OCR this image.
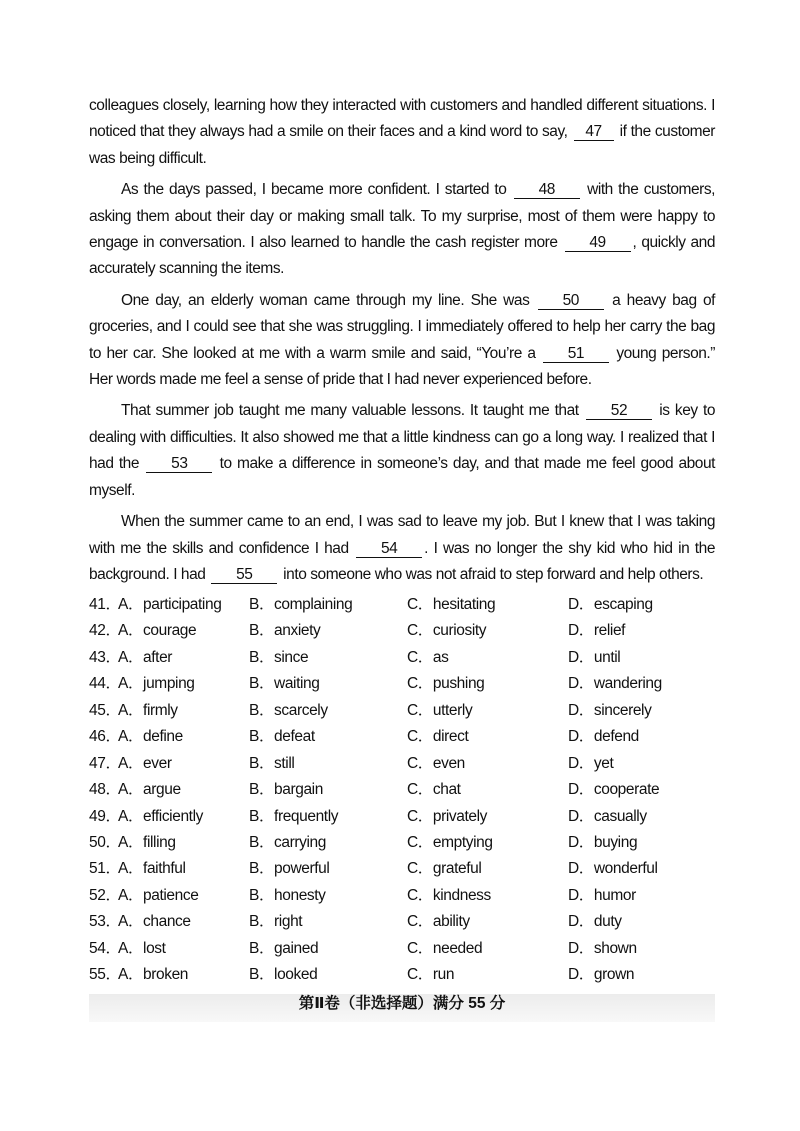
colleagues closely, learning how they interacted with customers and handled different situations. I noticed that they always had a smile on their faces and a kind word to say, 47 if the customer was being difficult.

As the days passed, I became more confident. I started to 48 with the customers, asking them about their day or making small talk. To my surprise, most of them were happy to engage in conversation. I also learned to handle the cash register more 49 , quickly and accurately scanning the items.

One day, an elderly woman came through my line. She was 50 a heavy bag of groceries, and I could see that she was struggling. I immediately offered to help her carry the bag to her car. She looked at me with a warm smile and said, “You’re a 51 young person.” Her words made me feel a sense of pride that I had never experienced before.

That summer job taught me many valuable lessons. It taught me that 52 is key to dealing with difficulties. It also showed me that a little kindness can go a long way. I realized that I had the 53 to make a difference in someone’s day, and that made me feel good about myself.

When the summer came to an end, I was sad to leave my job. But I knew that I was taking with me the skills and confidence I had 54 . I was no longer the shy kid who hid in the background. I had 55 into someone who was not afraid to step forward and help others.

41．
A．participating B．complaining	C．hesitating	D．escaping
42．
A．courage	B．anxiety	C．curiosity	D．relief
43．
A．after	B．since	C．as	D．until
44．
A．jumping	B．waiting	C．pushing	D．wandering
45．
A．firmly	B．scarcely	C．utterly	D．sincerely
46．
A．define	B．defeat	C．direct	D．defend
47．
A．ever	B．still	C．even	D．yet
48．
A．argue	B．bargain	C．chat	D．cooperate
49．
A．efficiently	B．frequently	C．privately	D．casually
50．
A．filling	B．carrying	C．emptying	D．buying
51．
A．faithful	B．powerful	C．grateful	D．wonderful
52．
A．patience	B．honesty	C．kindness	D．humor
53．
A．chance	B．right	C．ability	D．duty
54．
A．lost	B．gained	C．needed	D．shown
55．
A．broken	B．looked	C．run	D．grown
第Ⅱ卷（非选择题）满分 55 分
